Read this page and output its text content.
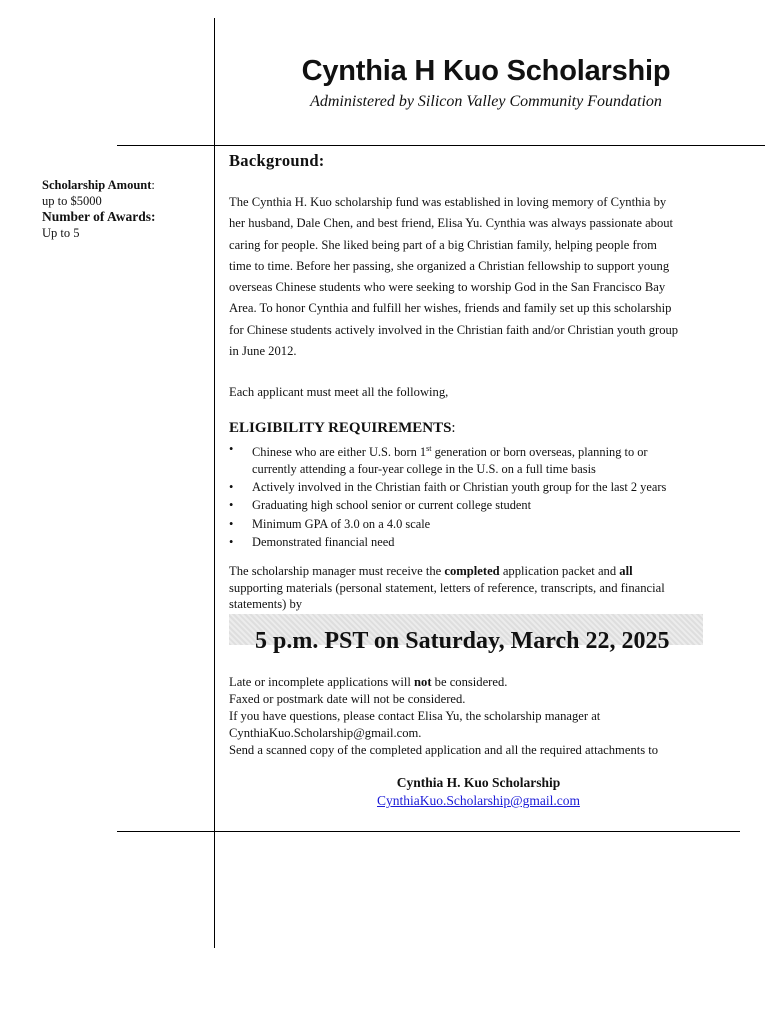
Cynthia H Kuo Scholarship
Administered by Silicon Valley Community Foundation
Scholarship Amount:
up to $5000
Number of Awards:
Up to 5
Background:
The Cynthia H. Kuo scholarship fund was established in loving memory of Cynthia by
her husband, Dale Chen, and best friend, Elisa Yu. Cynthia was always passionate about
caring for people. She liked being part of a big Christian family, helping people from
time to time. Before her passing, she organized a Christian fellowship to support young
overseas Chinese students who were seeking to worship God in the San Francisco Bay
Area. To honor Cynthia and fulfill her wishes, friends and family set up this scholarship
for Chinese students actively involved in the Christian faith and/or Christian youth group
in June 2012.
Each applicant must meet all the following,
ELIGIBILITY REQUIREMENTS:
• Chinese who are either U.S. born 1st generation or born overseas, planning to or
currently attending a four-year college in the U.S. on a full time basis
• Actively involved in the Christian faith or Christian youth group for the last 2 years
• Graduating high school senior or current college student
• Minimum GPA of 3.0 on a 4.0 scale
• Demonstrated financial need
The scholarship manager must receive the completed application packet and all
supporting materials (personal statement, letters of reference, transcripts, and financial
statements) by
5 p.m. PST on Saturday, March 22, 2025
Late or incomplete applications will not be considered.
Faxed or postmark date will not be considered.
If you have questions, please contact Elisa Yu, the scholarship manager at
CynthiaKuo.Scholarship@gmail.com.
Send a scanned copy of the completed application and all the required attachments to
Cynthia H. Kuo Scholarship
CynthiaKuo.Scholarship@gmail.com
